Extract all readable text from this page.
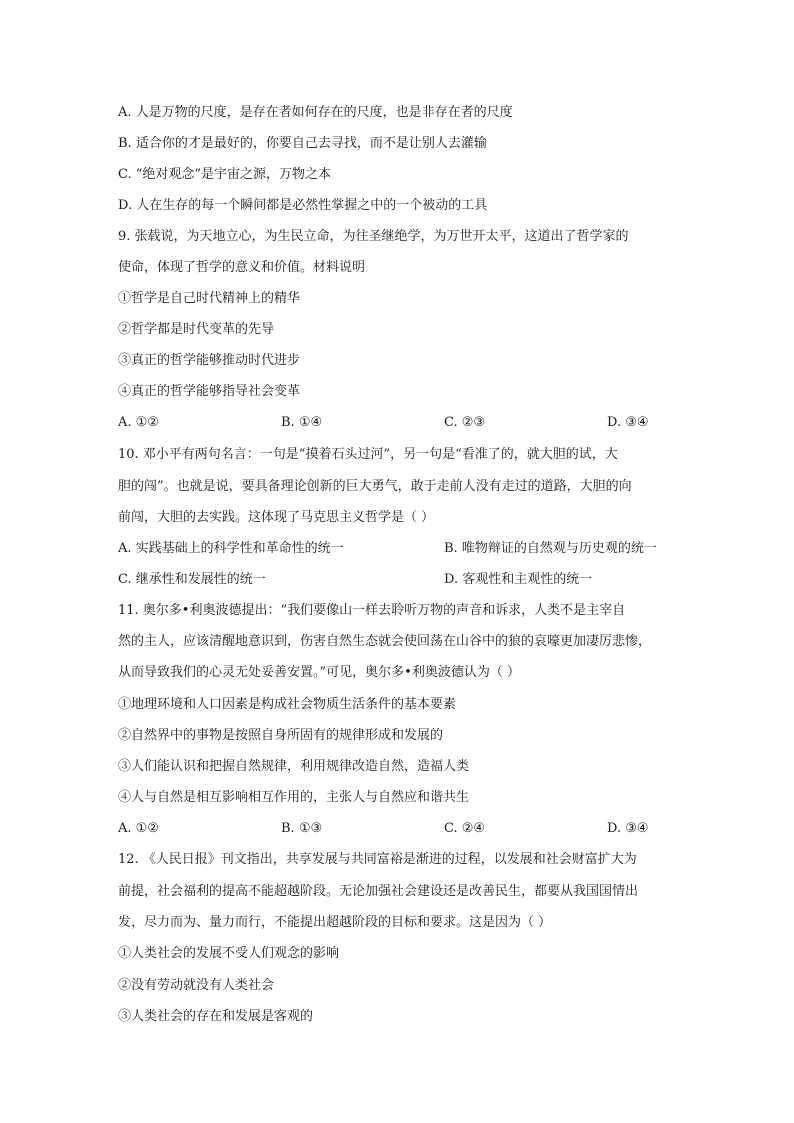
A. 人是万物的尺度，是存在者如何存在的尺度，也是非存在者的尺度
B. 适合你的才是最好的，你要自己去寻找，而不是让别人去灌输
C. “绝对观念”是宇宙之源，万物之本
D. 人在生存的每一个瞬间都是必然性掌握之中的一个被动的工具
9. 张载说，为天地立心，为生民立命，为往圣继绝学，为万世开太平，这道出了哲学家的
使命，体现了哲学的意义和价值。材料说明
①哲学是自己时代精神上的精华
②哲学都是时代变革的先导
③真正的哲学能够推动时代进步
④真正的哲学能够指导社会变革
A. ①②	B. ①④	C. ②③	D. ③④
10. 邓小平有两句名言：一句是“摸着石头过河”，另一句是“看准了的，就大胆的试，大
胆的闯”。也就是说，要具备理论创新的巨大勇气，敢于走前人没有走过的道路，大胆的向
前闯，大胆的去实践。这体现了马克思主义哲学是（ ）
A. 实践基础上的科学性和革命性的统一	B. 唯物辩证的自然观与历史观的统一
C. 继承性和发展性的统一	D. 客观性和主观性的统一
11. 奥尔多•利奥波德提出：“我们要像山一样去聆听万物的声音和诉求，人类不是主宰自
然的主人，应该清醒地意识到，伤害自然生态就会使回荡在山谷中的狼的哀嚎更加凄厉悲惨，
从而导致我们的心灵无处妥善安置。”可见，奥尔多•利奥波德认为（ ）
①地理环境和人口因素是构成社会物质生活条件的基本要素
②自然界中的事物是按照自身所固有的规律形成和发展的
③人们能认识和把握自然规律，利用规律改造自然，造福人类
④人与自然是相互影响相互作用的，主张人与自然应和谐共生
A. ①②	B. ①③	C. ②④	D. ③④
12. 《人民日报》刊文指出，共享发展与共同富裕是渐进的过程，以发展和社会财富扩大为
前提，社会福利的提高不能超越阶段。无论加强社会建设还是改善民生，都要从我国国情出
发，尽力而为、量力而行，不能提出超越阶段的目标和要求。这是因为（ ）
①人类社会的发展不受人们观念的影响
②没有劳动就没有人类社会
③人类社会的存在和发展是客观的
